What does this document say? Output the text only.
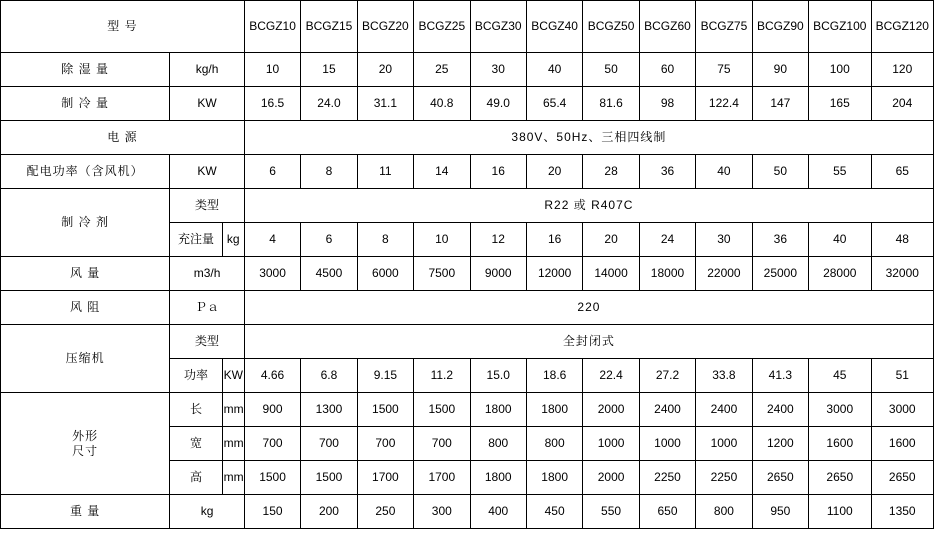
型 号			BCGZ10	BCGZ15	BCGZ20	BCGZ25	BCGZ30	BCGZ40	BCGZ50	BCGZ60	BCGZ75	BCGZ90	BCGZ100	BCGZ120
除 湿 量	kg/h		10	15	20	25	30	40	50	60	75	90	100	120
制 冷 量	KW		16.5	24.0	31.1	40.8	49.0	65.4	81.6	98	122.4	147	165	204
电 源			380V、50Hz、三相四线制											
配电功率（含风机）	KW		6	8	11	14	16	20	28	36	40	50	55	65
制 冷 剂	类型		R22 或 R407C											
	充注量	kg	4	6	8	10	12	16	20	24	30	36	40	48
风 量	m3/h		3000	4500	6000	7500	9000	12000	14000	18000	22000	25000	28000	32000
风 阻	Ｐａ		220											
压缩机	类型		全封闭式											
	功率	KW	4.66	6.8	9.15	11.2	15.0	18.6	22.4	27.2	33.8	41.3	45	51

外形
尺寸	长	mm	900	1300	1500	1500	1800	1800	2000	2400	2400	2400	3000	3000
	宽	mm	700	700	700	700	800	800	1000	1000	1000	1200	1600	1600
	高	mm	1500	1500	1700	1700	1800	1800	2000	2250	2250	2650	2650	2650
重 量	kg		150	200	250	300	400	450	550	650	800	950	1100	1350
